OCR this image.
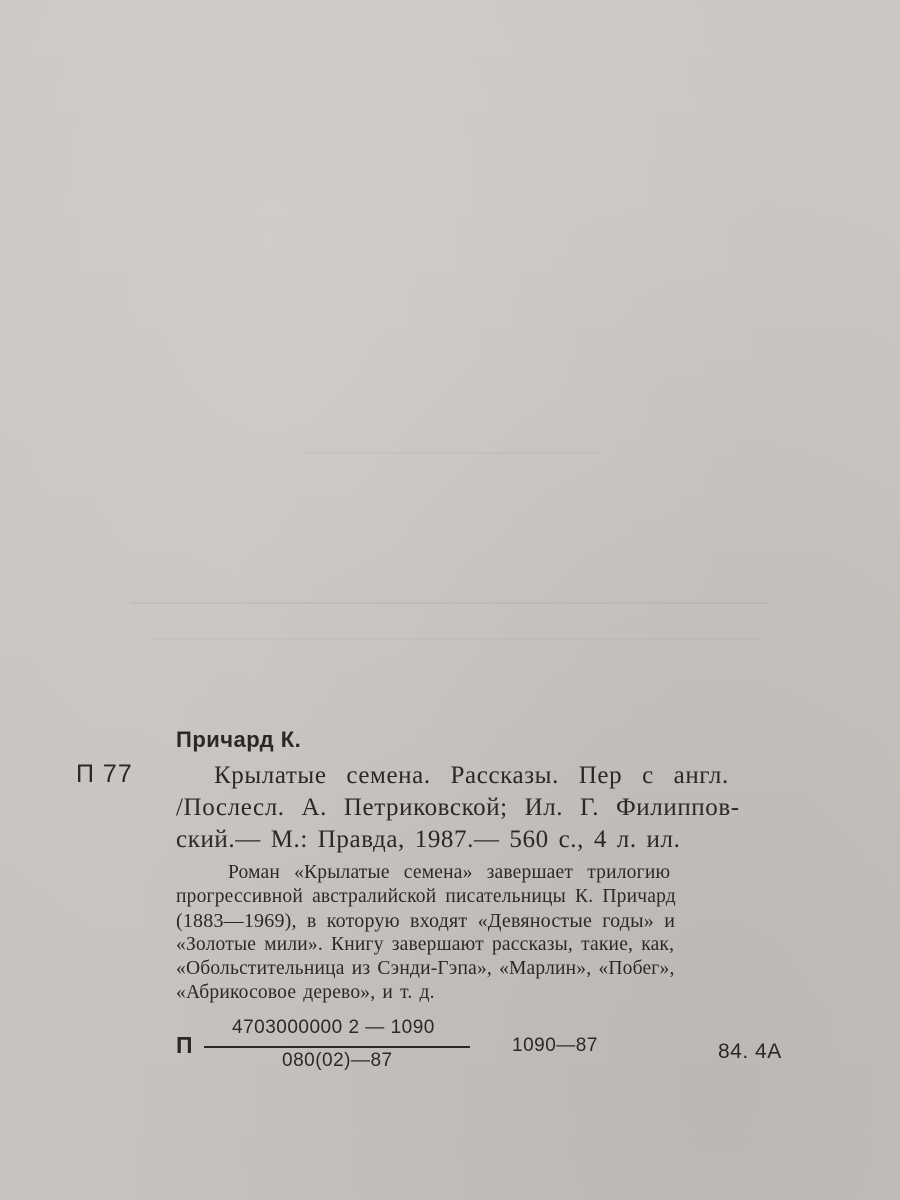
Причард К.
П 77	Крылатые семена. Рассказы. Пер с англ.
/Послесл. А. Петриковской; Ил. Г. Филиппов-
ский.— М.: Правда, 1987.— 560 с., 4 л. ил.
Роман «Крылатые семена» завершает трилогию
прогрессивной австралийской писательницы К. Причард
(1883—1969), в которую входят «Девяностые годы» и
«Золотые мили». Книгу завершают рассказы, такие, как,
«Обольстительница из Сэнди-Гэпа», «Марлин», «Побег»,
«Абрикосовое дерево», и т. д.
П
4703000000 2 — 1090
080(02)—87
1090—87	84. 4А
